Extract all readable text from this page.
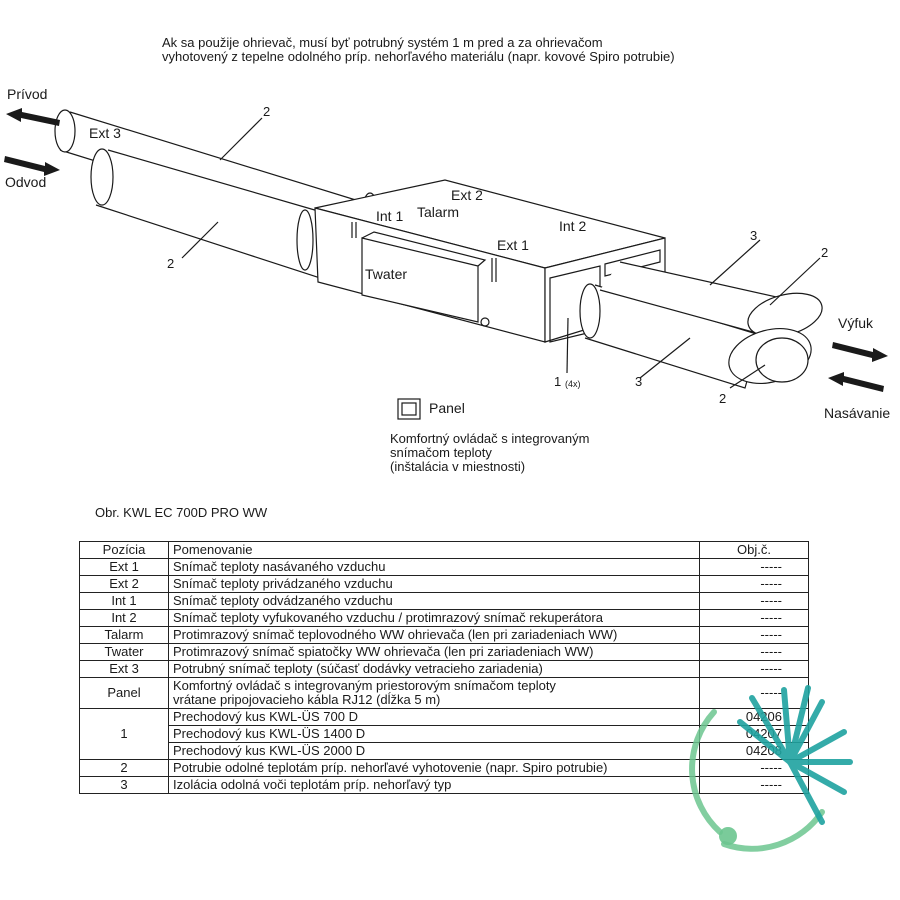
Ak sa použije ohrievač, musí byť potrubný systém 1 m pred a za ohrievačom
vyhotovený z tepelne odolného príp. nehorľavého materiálu (napr. kovové Spiro potrubie)
Prívod
Odvod
Výfuk
Nasávanie
Ext 3
Ext 2
Ext 1
Int 1
Int 2
Talarm
Twater
2
2
2
2
3
3
1 (4x)
Panel
Komfortný ovládač s integrovaným
snímačom teploty
(inštalácia v miestnosti)
Obr. KWL EC 700D PRO WW
Pozícia	Pomenovanie	Obj.č.
Ext 1	Snímač teploty nasávaného vzduchu	-----
Ext 2	Snímač teploty privádzaného vzduchu	-----
Int 1	Snímač teploty odvádzaného vzduchu	-----
Int 2	Snímač teploty vyfukovaného vzduchu / protimrazový snímač rekuperátora	-----
Talarm	Protimrazový snímač teplovodného WW ohrievača (len pri zariadeniach WW)	-----
Twater	Protimrazový snímač spiatočky WW ohrievača (len pri zariadeniach WW)	-----
Ext 3	Potrubný snímač teploty (súčasť dodávky vetracieho zariadenia)	-----
Panel	Komfortný ovládač s integrovaným priestorovým snímačom teploty
vrátane pripojovacieho kábla RJ12 (dĺžka 5 m)	-----
1	Prechodový kus KWL-ÜS 700 D	04206
	Prechodový kus KWL-ÜS 1400 D	04207
	Prechodový kus KWL-ÜS 2000 D	04208
2	Potrubie odolné teplotám príp. nehorľavé vyhotovenie (napr. Spiro potrubie)	-----
3	Izolácia odolná voči teplotám príp. nehorľavý typ	-----
